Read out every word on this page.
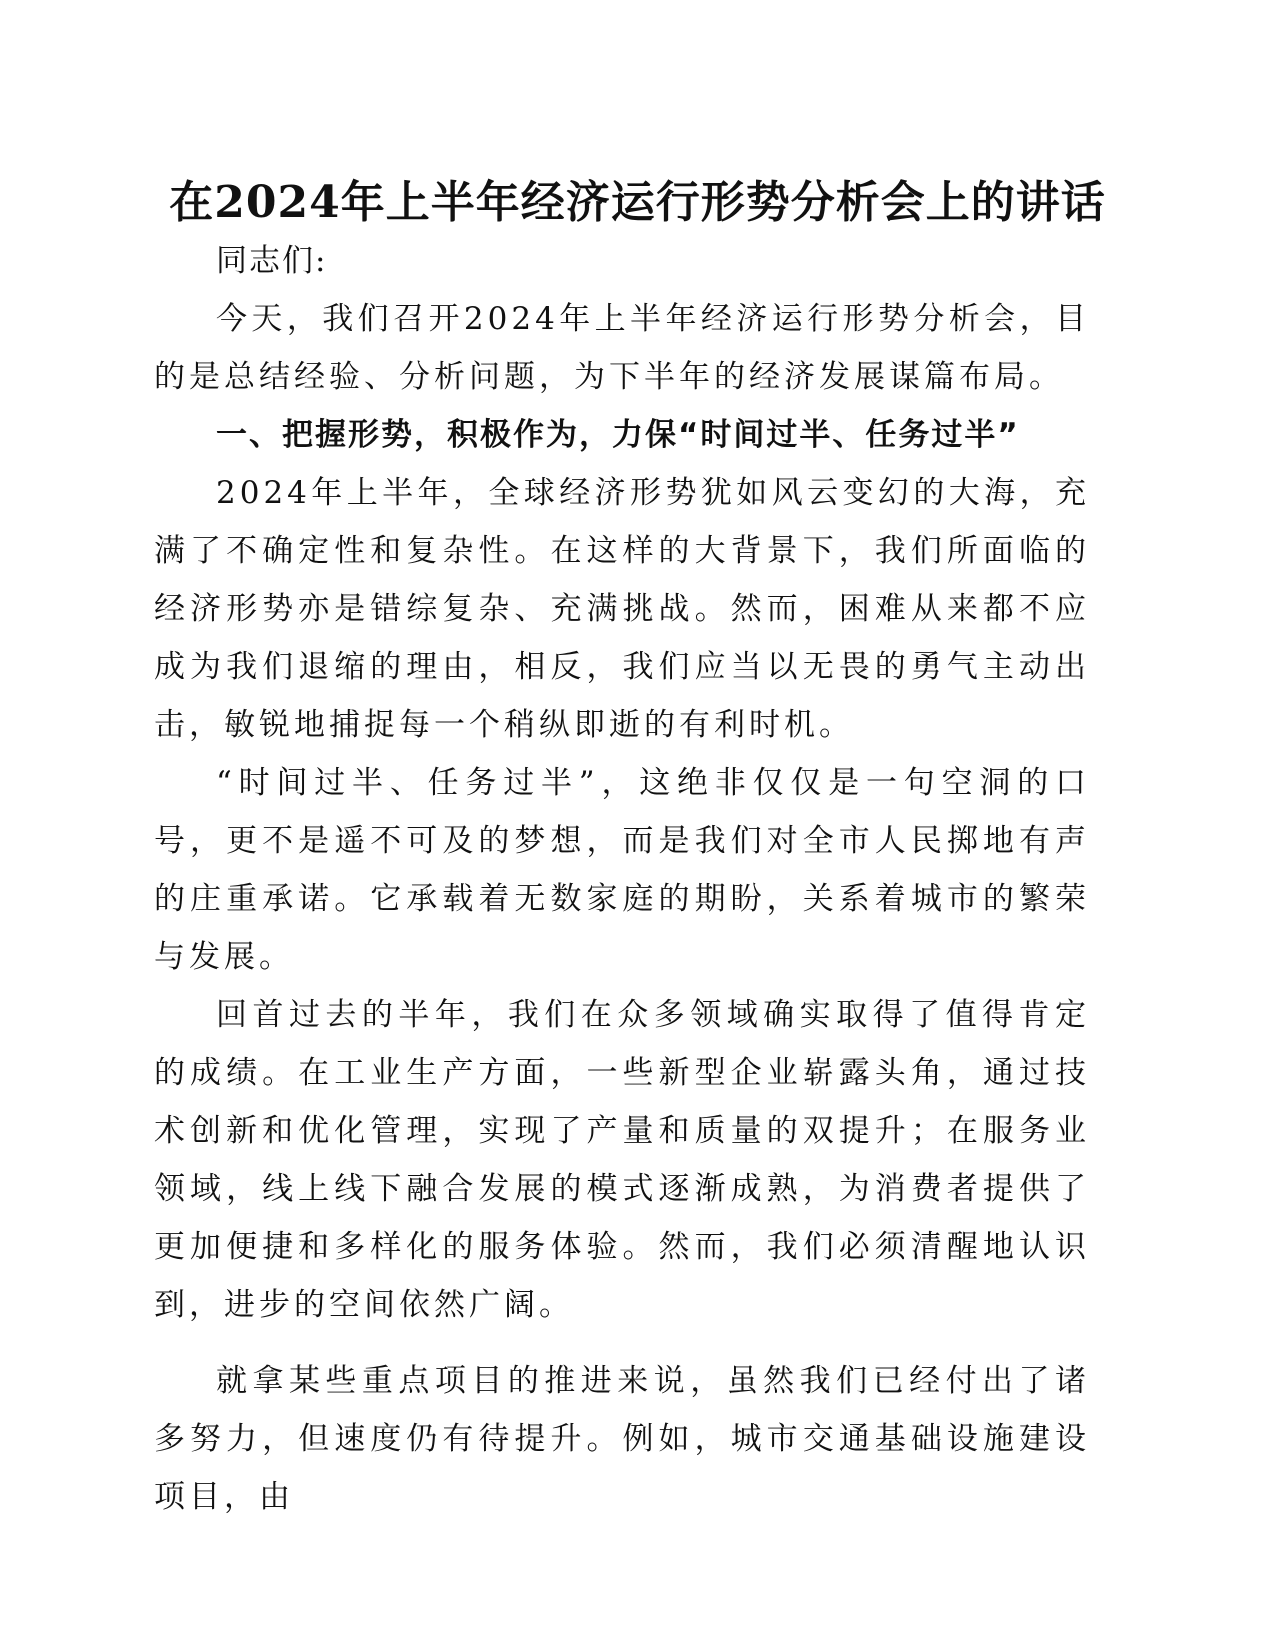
在2024年上半年经济运行形势分析会上的讲话

同志们:

今天，我们召开2024年上半年经济运行形势分析会，目的是总结经验、分析问题，为下半年的经济发展谋篇布局。

一、把握形势，积极作为，力保“时间过半、任务过半”

2024年上半年，全球经济形势犹如风云变幻的大海，充满了不确定性和复杂性。在这样的大背景下，我们所面临的经济形势亦是错综复杂、充满挑战。然而，困难从来都不应成为我们退缩的理由，相反，我们应当以无畏的勇气主动出击，敏锐地捕捉每一个稍纵即逝的有利时机。

“时间过半、任务过半”，这绝非仅仅是一句空洞的口号，更不是遥不可及的梦想，而是我们对全市人民掷地有声的庄重承诺。它承载着无数家庭的期盼，关系着城市的繁荣与发展。

回首过去的半年，我们在众多领域确实取得了值得肯定的成绩。在工业生产方面，一些新型企业崭露头角，通过技术创新和优化管理，实现了产量和质量的双提升；在服务业领域，线上线下融合发展的模式逐渐成熟，为消费者提供了更加便捷和多样化的服务体验。然而，我们必须清醒地认识到，进步的空间依然广阔。

就拿某些重点项目的推进来说，虽然我们已经付出了诸多努力，但速度仍有待提升。例如，城市交通基础设施建设项目，由
